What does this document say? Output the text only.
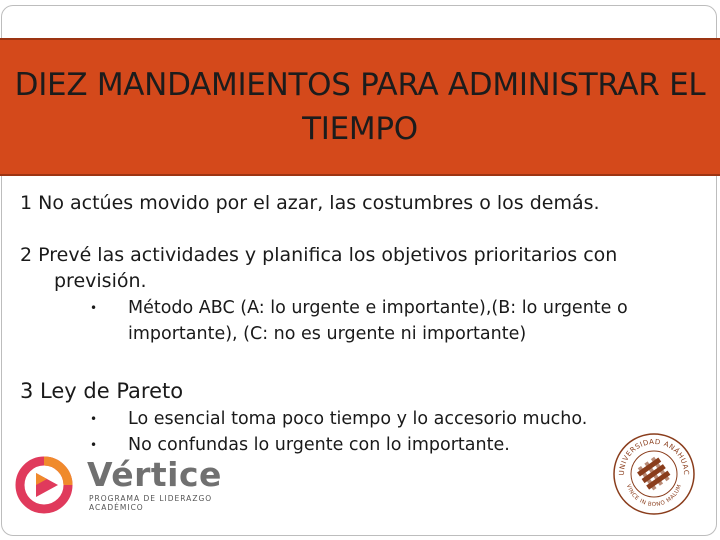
DIEZ MANDAMIENTOS PARA ADMINISTRAR EL
TIEMPO

1 No actúes movido por el azar, las costumbres o los demás.

2 Prevé las actividades y planifica los objetivos prioritarios con
previsión.

• Método ABC (A: lo urgente e importante),(B: lo urgente o importante), (C: no es urgente ni importante)

3 Ley de Pareto

• Lo esencial toma poco tiempo y lo accesorio mucho.
• No confundas lo urgente con lo importante.
Vértice
PROGRAMA DE LIDERAZGO
ACADÉMICO
UNIVERSIDAD ANÁHUAC
VINCE IN BONO MALUM
